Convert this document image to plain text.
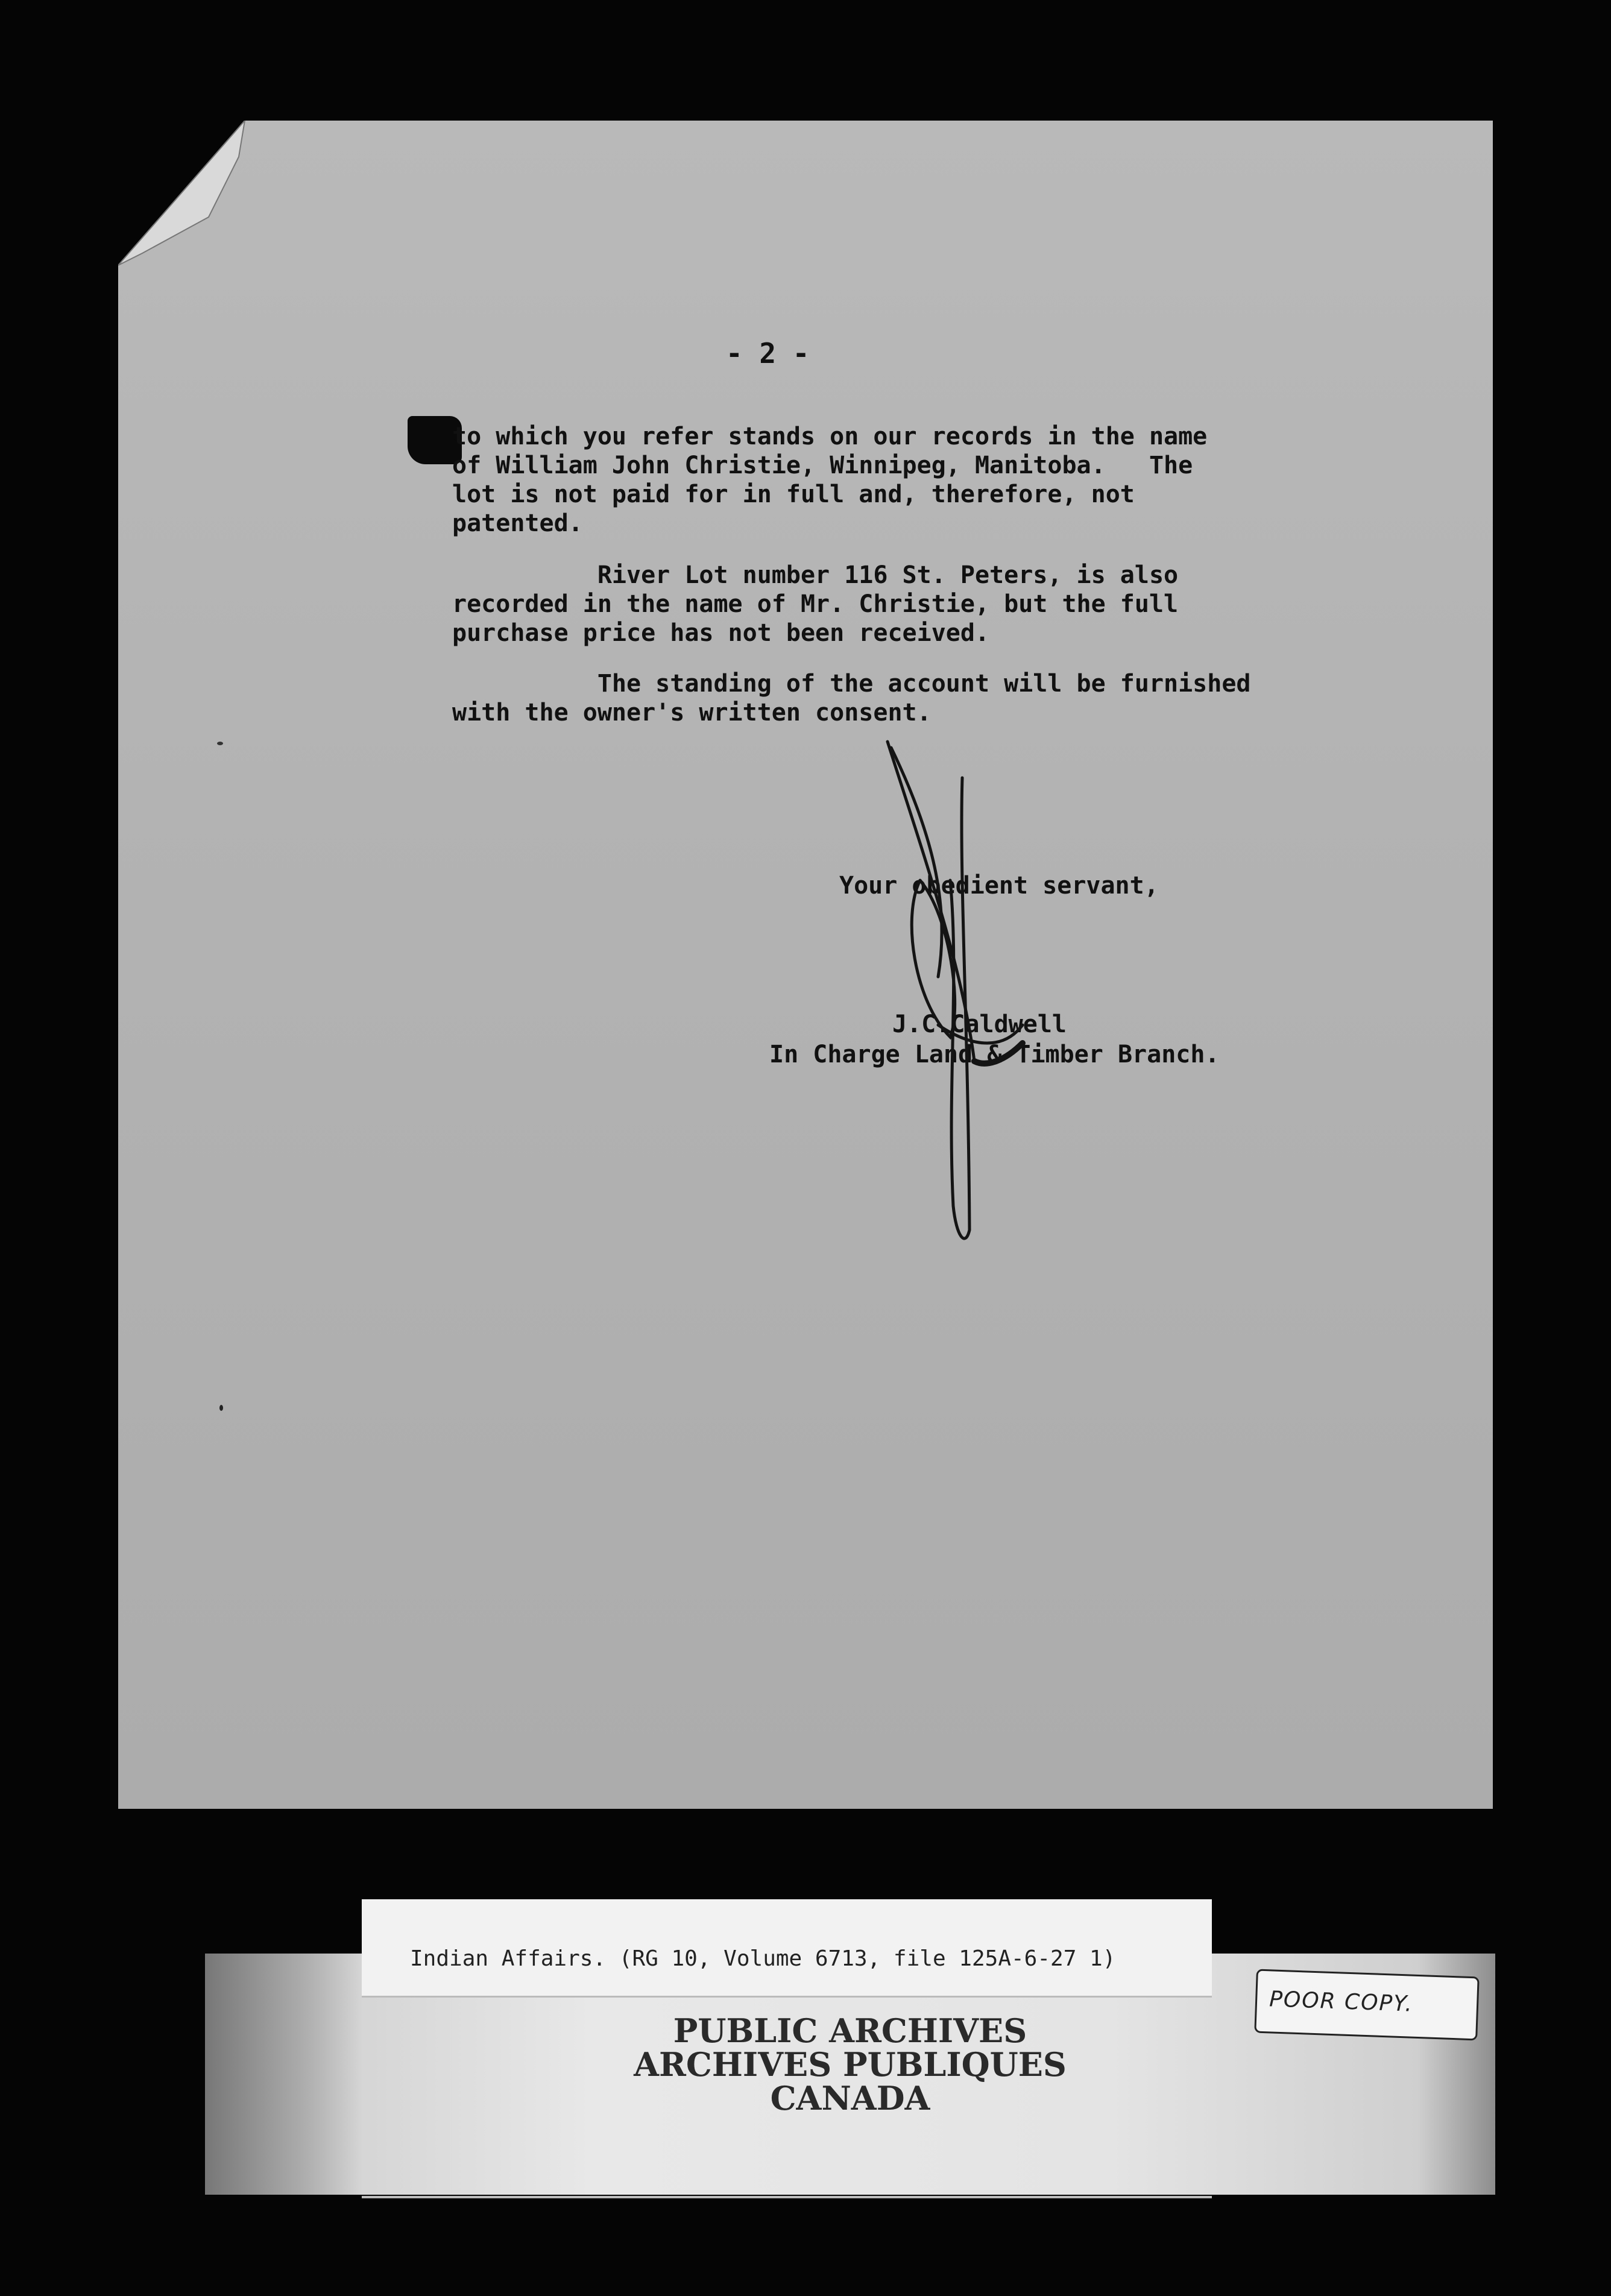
- 2 -
to which you refer stands on our records in the name
of William John Christie, Winnipeg, Manitoba.   The
lot is not paid for in full and, therefore, not
patented.
River Lot number 116 St. Peters, is also
recorded in the name of Mr. Christie, but the full
purchase price has not been received.
The standing of the account will be furnished
with the owner's written consent.
Your obedient servant,
J.C.Caldwell
In Charge Land & Timber Branch.
PUBLIC ARCHIVES
ARCHIVES PUBLIQUES
CANADA
Indian Affairs. (RG 10, Volume 6713, file 125A-6-27 1)

POOR COPY.
